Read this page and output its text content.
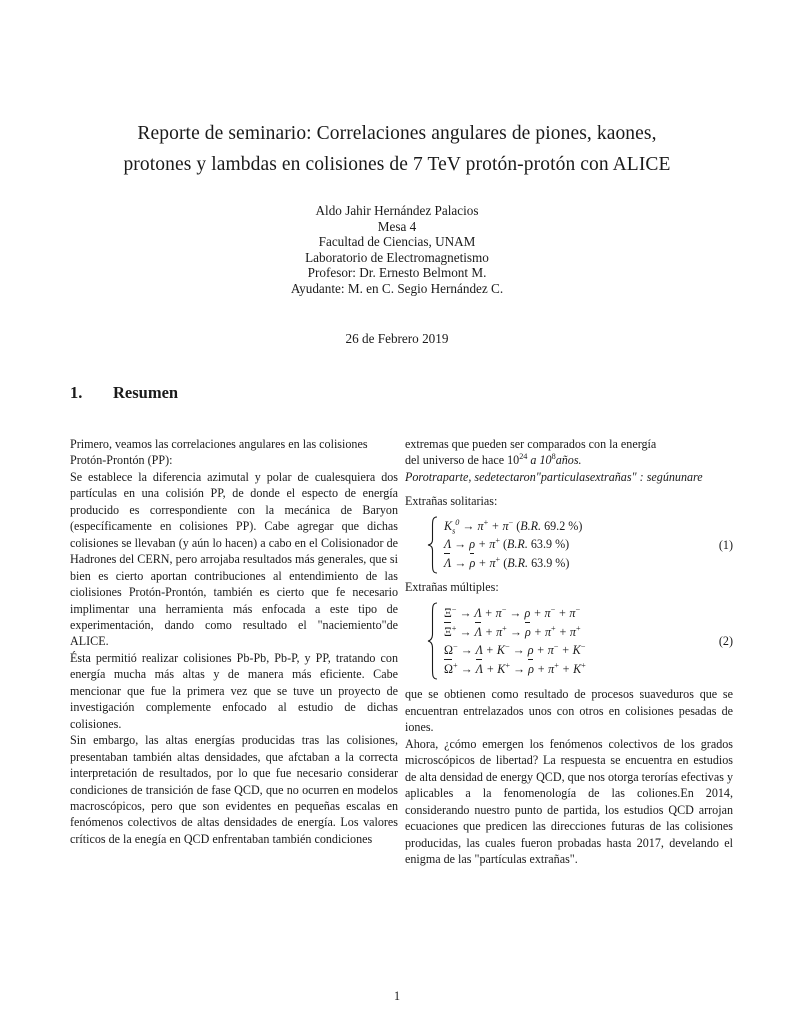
Reporte de seminario: Correlaciones angulares de piones, kaones,
protones y lambdas en colisiones de 7 TeV protón-protón con ALICE
Aldo Jahir Hernández Palacios
Mesa 4
Facultad de Ciencias, UNAM
Laboratorio de Electromagnetismo
Profesor: Dr. Ernesto Belmont M.
Ayudante: M. en C. Segio Hernández C.
26 de Febrero 2019
1. Resumen

Primero, veamos las correlaciones angulares en las colisiones Protón-Prontón (PP):

Se establece la diferencia azimutal y polar de cualesquiera dos partículas en una colisión PP, de donde el especto de energía producido es correspondiente con la mecánica de Baryon (específicamente en colisiones PP). Cabe agregar que dichas colisiones se llevaban (y aún lo hacen) a cabo en el Colisionador de Hadrones del CERN, pero arrojaba resultados más generales, que si bien es cierto aportan contribuciones al entendimiento de las ciolisiones Protón-Prontón, también es cierto que fe necesario implimentar una herramienta más enfocada a este tipo de experimentación, dando como resultado el "naciemiento"de ALICE.

Ésta permitió realizar colisiones Pb-Pb, Pb-P, y PP, tratando con energía mucha más altas y de manera más eficiente. Cabe mencionar que fue la primera vez que se tuve un proyecto de investigación complemente enfocado al estudio de dichas colisiones.

Sin embargo, las altas energías producidas tras las colisiones, presentaban también altas densidades, que afctaban a la correcta interpretación de resultados, por lo que fue necesario considerar condiciones de transición de fase QCD, que no ocurren en modelos macroscópicos, pero que son evidentes en pequeñas escalas en fenómenos colectivos de altas densidades de energía. Los valores críticos de la enegía en QCD enfrentaban también condiciones

extremas que pueden ser comparados con la energía

del universo de hace $10^{24}$ a $10^8años$.

Porotraparte, sedetectaron"particulasextrañas" : segúnunare

Extrañas solitarias:

$K_s^0 \to \pi^+ + \pi^-$ (B.R. 69.2 %)
Λ → ρ + π+ (B.R. 63.9 %)
Λ → ρ + π+ (B.R. 63.9 %)
(1)

Extrañas múltiples:

Ξ− → Λ + π− → ρ + π− + π−
Ξ+ → Λ + π+ → ρ + π+ + π+
Ω− → Λ + K− → ρ + π− + K−
Ω+ → Λ + K+ → ρ + π+ + K+
(2)

que se obtienen como resultado de procesos suaveduros que se encuentran entrelazados unos con otros en colisiones pesadas de iones.

Ahora, ¿cómo emergen los fenómenos colectivos de los grados microscópicos de libertad? La respuesta se encuentra en estudios de alta densidad de energy QCD, que nos otorga terorías efectivas y aplicables a la fenomenología de las coliones.En 2014, considerando nuestro punto de partida, los estudios QCD arrojan ecuaciones que predicen las direcciones futuras de las colisiones producidas, las cuales fueron probadas hasta 2017, develando el enigma de las "partículas extrañas".

1
